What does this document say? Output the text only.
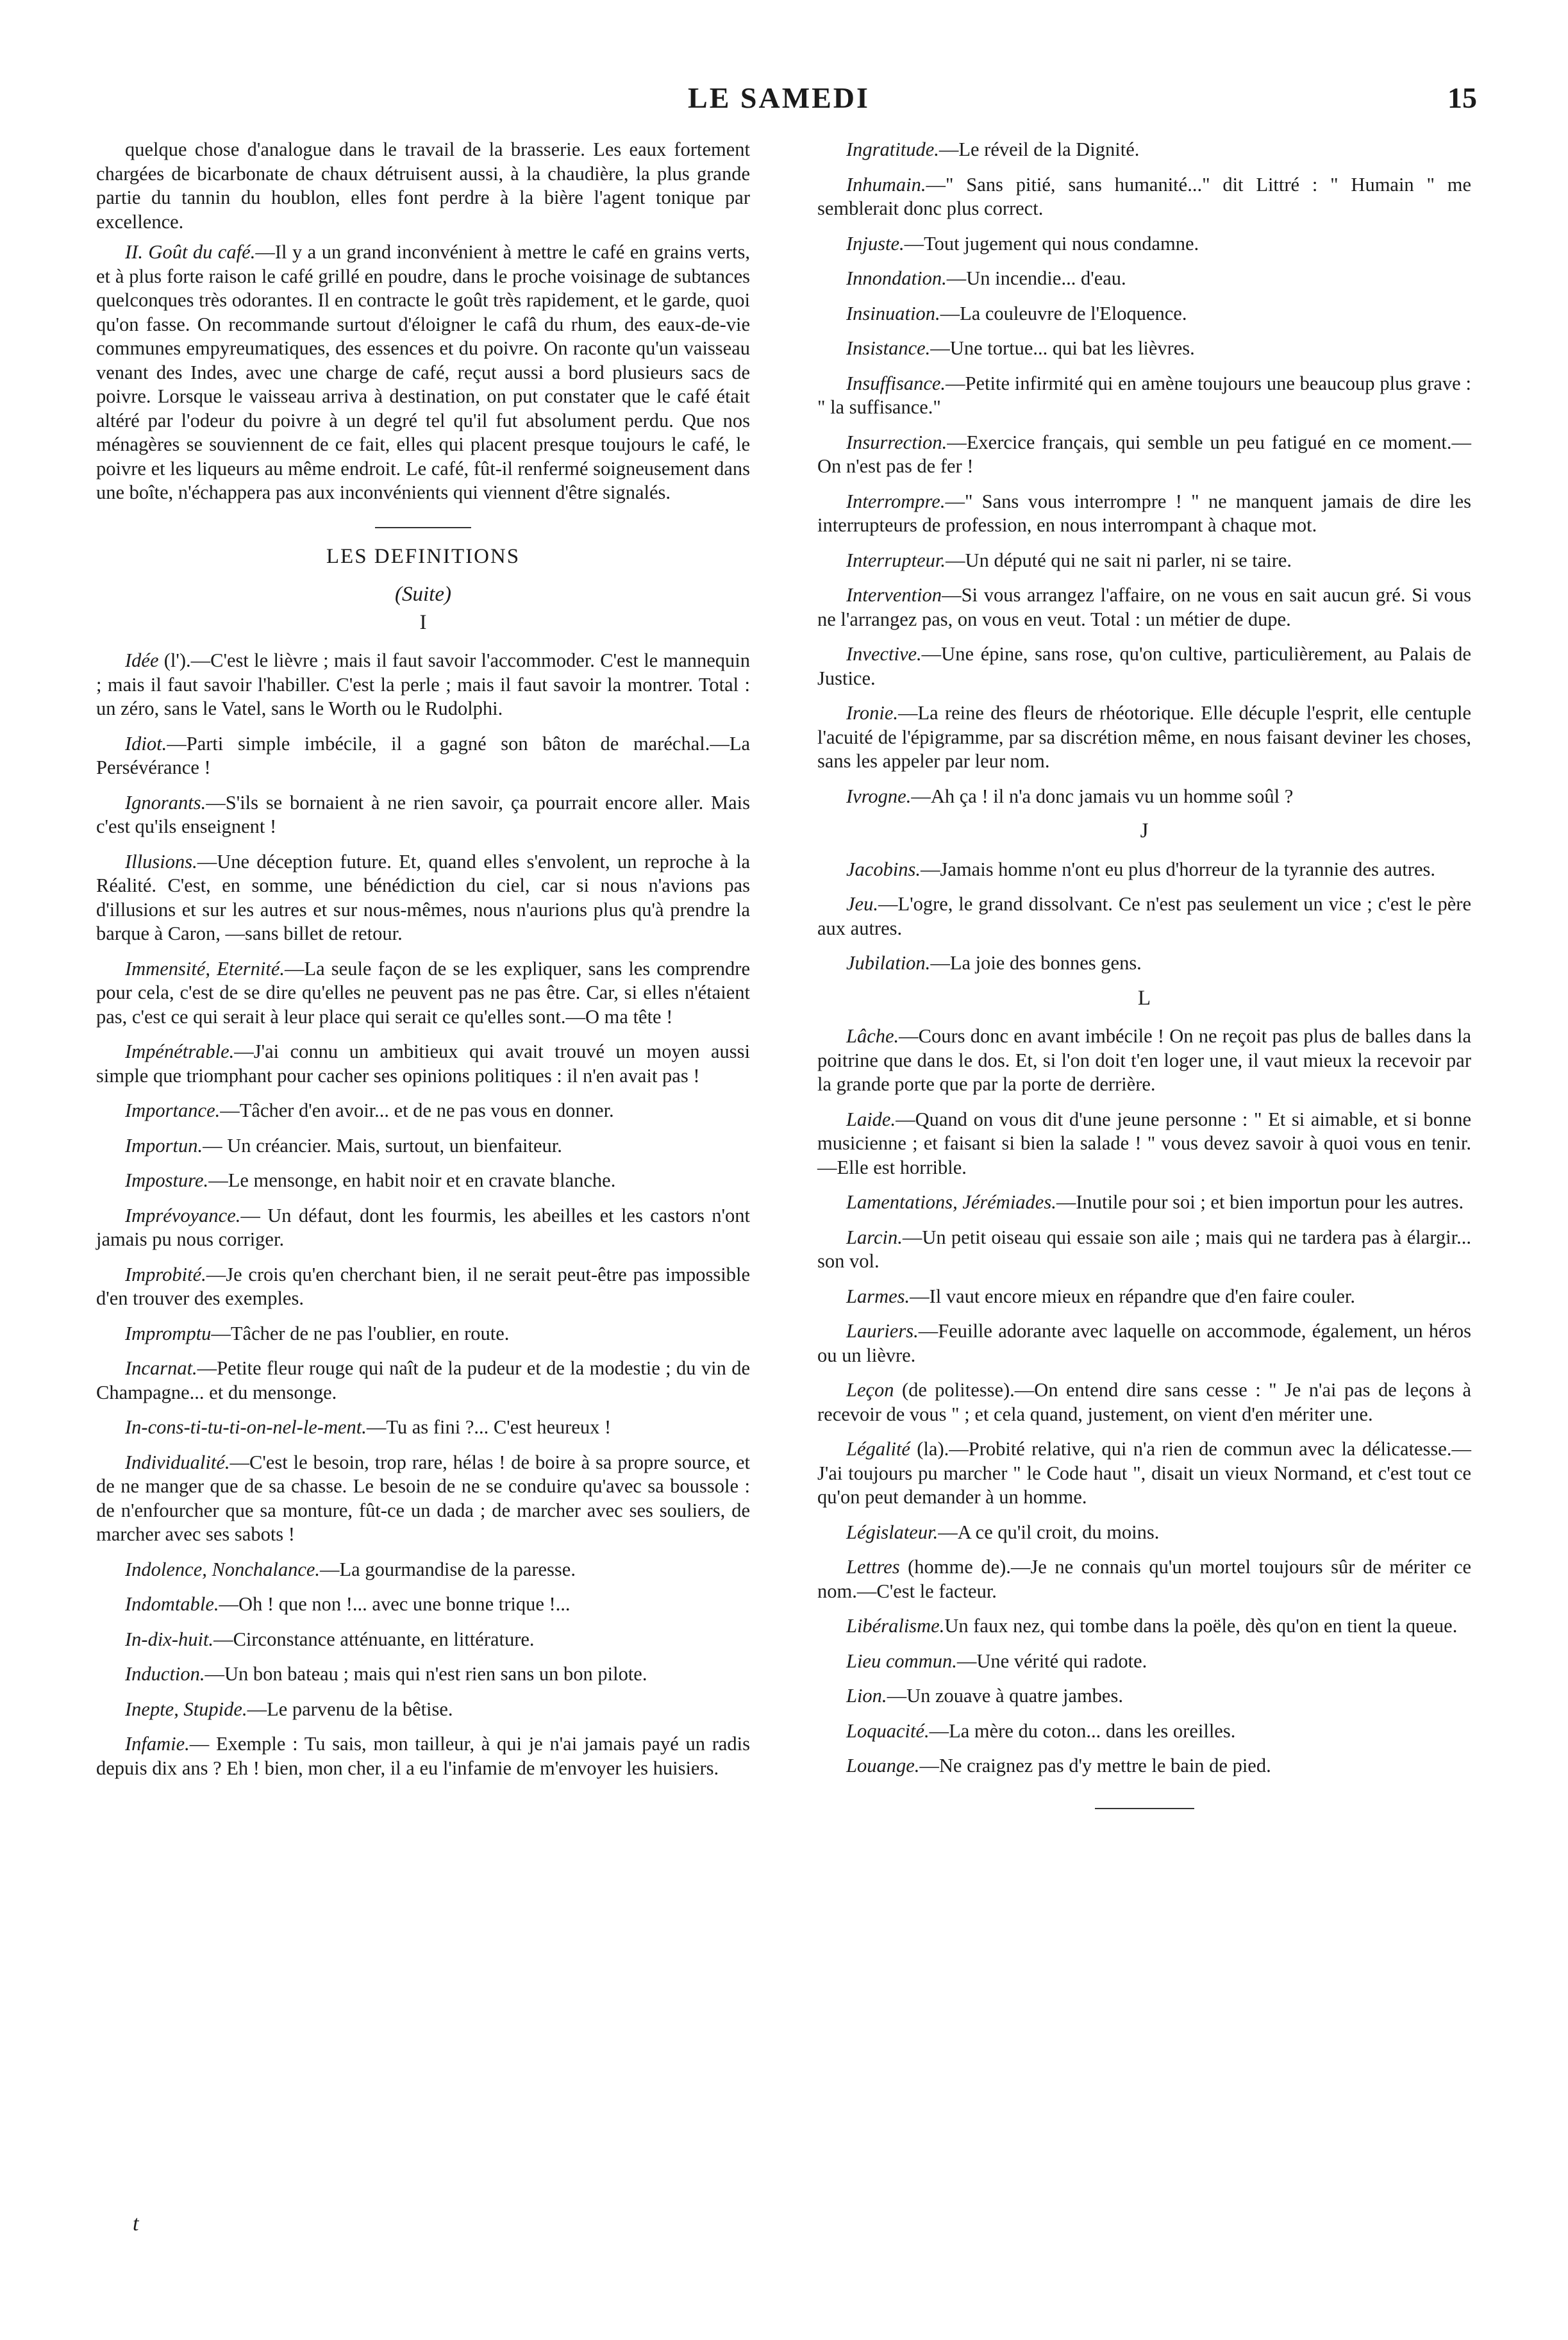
LE SAMEDI	15

quelque chose d'analogue dans le travail de la brasserie. Les eaux fortement chargées de bicarbonate de chaux détruisent aussi, à la chaudière, la plus grande partie du tannin du houblon, elles font perdre à la bière l'agent tonique par excellence.

II. Goût du café.—Il y a un grand inconvénient à mettre le café en grains verts, et à plus forte raison le café grillé en poudre, dans le proche voisinage de subtances quelconques très odorantes. Il en contracte le goût très rapidement, et le garde, quoi qu'on fasse. On recommande surtout d'éloigner le cafâ du rhum, des eaux-de-vie communes empyreumatiques, des essences et du poivre. On raconte qu'un vaisseau venant des Indes, avec une charge de café, reçut aussi a bord plusieurs sacs de poivre. Lorsque le vaisseau arriva à destination, on put constater que le café était altéré par l'odeur du poivre à un degré tel qu'il fut absolument perdu. Que nos ménagères se souviennent de ce fait, elles qui placent presque toujours le café, le poivre et les liqueurs au même endroit. Le café, fût-il renfermé soigneusement dans une boîte, n'échappera pas aux inconvénients qui viennent d'être signalés.

LES DEFINITIONS
(Suite)
I

Idée (l').—C'est le lièvre ; mais il faut savoir l'accommoder. C'est le mannequin ; mais il faut savoir l'habiller. C'est la perle ; mais il faut savoir la montrer. Total : un zéro, sans le Vatel, sans le Worth ou le Rudolphi.

Idiot.—Parti simple imbécile, il a gagné son bâton de maréchal.—La Persévérance !

Ignorants.—S'ils se bornaient à ne rien savoir, ça pourrait encore aller. Mais c'est qu'ils enseignent !

Illusions.—Une déception future. Et, quand elles s'envolent, un reproche à la Réalité. C'est, en somme, une bénédiction du ciel, car si nous n'avions pas d'illusions et sur les autres et sur nous-mêmes, nous n'aurions plus qu'à prendre la barque à Caron, —sans billet de retour.

Immensité, Eternité.—La seule façon de se les expliquer, sans les comprendre pour cela, c'est de se dire qu'elles ne peuvent pas ne pas être. Car, si elles n'étaient pas, c'est ce qui serait à leur place qui serait ce qu'elles sont.—O ma tête !

Impénétrable.—J'ai connu un ambitieux qui avait trouvé un moyen aussi simple que triomphant pour cacher ses opinions politiques : il n'en avait pas !

Importance.—Tâcher d'en avoir... et de ne pas vous en donner.

Importun.— Un créancier. Mais, surtout, un bienfaiteur.

Imposture.—Le mensonge, en habit noir et en cravate blanche.

Imprévoyance.— Un défaut, dont les fourmis, les abeilles et les castors n'ont jamais pu nous corriger.

Improbité.—Je crois qu'en cherchant bien, il ne serait peut-être pas impossible d'en trouver des exemples.

Impromptu—Tâcher de ne pas l'oublier, en route.

Incarnat.—Petite fleur rouge qui naît de la pudeur et de la modestie ; du vin de Champagne... et du mensonge.

In-cons-ti-tu-ti-on-nel-le-ment.—Tu as fini ?... C'est heureux !

Individualité.—C'est le besoin, trop rare, hélas ! de boire à sa propre source, et de ne manger que de sa chasse. Le besoin de ne se conduire qu'avec sa boussole : de n'enfourcher que sa monture, fût-ce un dada ; de marcher avec ses souliers, de marcher avec ses sabots !

Indolence, Nonchalance.—La gourmandise de la paresse.

Indomtable.—Oh ! que non !... avec une bonne trique !...

In-dix-huit.—Circonstance atténuante, en littérature.

Induction.—Un bon bateau ; mais qui n'est rien sans un bon pilote.

Inepte, Stupide.—Le parvenu de la bêtise.

Infamie.— Exemple : Tu sais, mon tailleur, à qui je n'ai jamais payé un radis depuis dix ans ? Eh ! bien, mon cher, il a eu l'infamie de m'envoyer les huisiers.

Ingratitude.—Le réveil de la Dignité.

Inhumain.—" Sans pitié, sans humanité..." dit Littré : " Humain " me semblerait donc plus correct.

Injuste.—Tout jugement qui nous condamne.

Innondation.—Un incendie... d'eau.

Insinuation.—La couleuvre de l'Eloquence.

Insistance.—Une tortue... qui bat les lièvres.

Insuffisance.—Petite infirmité qui en amène toujours une beaucoup plus grave : " la suffisance."

Insurrection.—Exercice français, qui semble un peu fatigué en ce moment.—On n'est pas de fer !

Interrompre.—" Sans vous interrompre ! " ne manquent jamais de dire les interrupteurs de profession, en nous interrompant à chaque mot.

Interrupteur.—Un député qui ne sait ni parler, ni se taire.

Intervention—Si vous arrangez l'affaire, on ne vous en sait aucun gré. Si vous ne l'arrangez pas, on vous en veut. Total : un métier de dupe.

Invective.—Une épine, sans rose, qu'on cultive, particulièrement, au Palais de Justice.

Ironie.—La reine des fleurs de rhéotorique. Elle décuple l'esprit, elle centuple l'acuité de l'épigramme, par sa discrétion même, en nous faisant deviner les choses, sans les appeler par leur nom.

Ivrogne.—Ah ça ! il n'a donc jamais vu un homme soûl ?

J

Jacobins.—Jamais homme n'ont eu plus d'horreur de la tyrannie des autres.

Jeu.—L'ogre, le grand dissolvant. Ce n'est pas seulement un vice ; c'est le père aux autres.

Jubilation.—La joie des bonnes gens.

L

Lâche.—Cours donc en avant imbécile ! On ne reçoit pas plus de balles dans la poitrine que dans le dos. Et, si l'on doit t'en loger une, il vaut mieux la recevoir par la grande porte que par la porte de derrière.

Laide.—Quand on vous dit d'une jeune personne : " Et si aimable, et si bonne musicienne ; et faisant si bien la salade ! " vous devez savoir à quoi vous en tenir.—Elle est horrible.

Lamentations, Jérémiades.—Inutile pour soi ; et bien importun pour les autres.

Larcin.—Un petit oiseau qui essaie son aile ; mais qui ne tardera pas à élargir... son vol.

Larmes.—Il vaut encore mieux en répandre que d'en faire couler.

Lauriers.—Feuille adorante avec laquelle on accommode, également, un héros ou un lièvre.

Leçon (de politesse).—On entend dire sans cesse : " Je n'ai pas de leçons à recevoir de vous " ; et cela quand, justement, on vient d'en mériter une.

Légalité (la).—Probité relative, qui n'a rien de commun avec la délicatesse.—J'ai toujours pu marcher " le Code haut ", disait un vieux Normand, et c'est tout ce qu'on peut demander à un homme.

Législateur.—A ce qu'il croit, du moins.

Lettres (homme de).—Je ne connais qu'un mortel toujours sûr de mériter ce nom.—C'est le facteur.

Libéralisme.Un faux nez, qui tombe dans la poële, dès qu'on en tient la queue.

Lieu commun.—Une vérité qui radote.

Lion.—Un zouave à quatre jambes.

Loquacité.—La mère du coton... dans les oreilles.

Louange.—Ne craignez pas d'y mettre le bain de pied.

t
